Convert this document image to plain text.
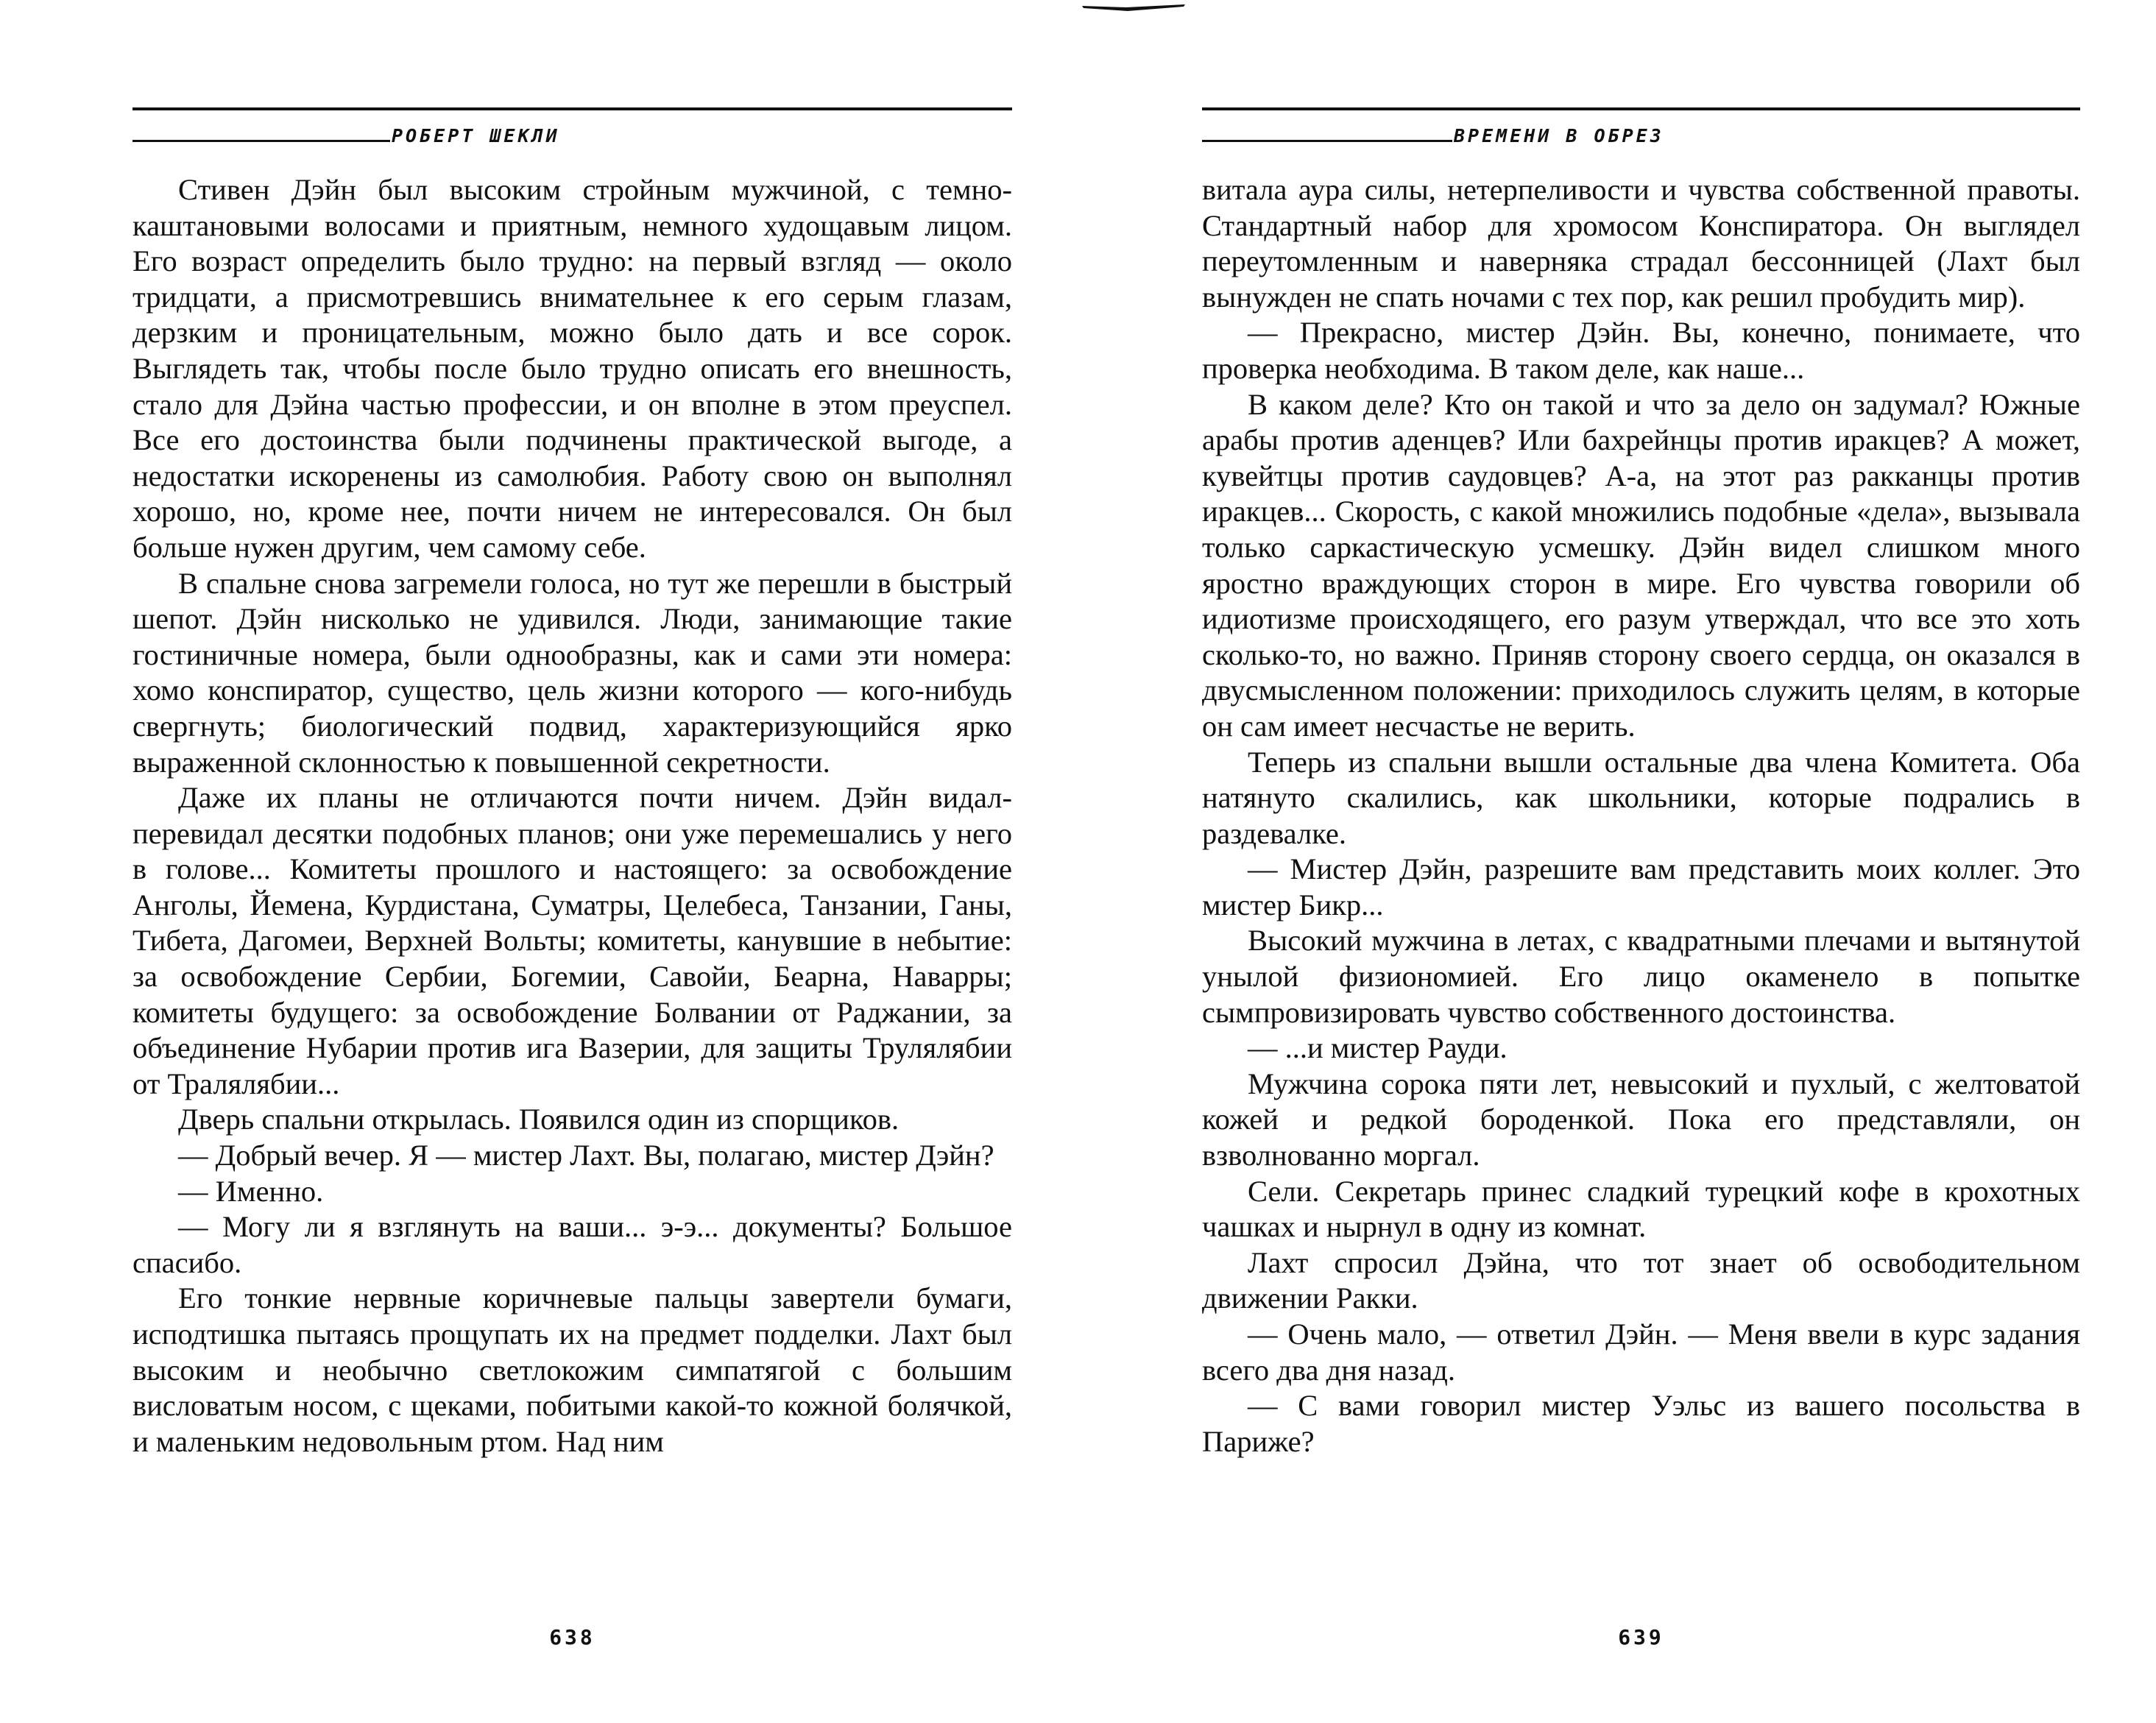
РОБЕРТ ШЕКЛИ

Стивен Дэйн был высоким стройным мужчиной, с темно-каштановыми волосами и приятным, немного худощавым лицом. Его возраст определить было трудно: на первый взгляд — около тридцати, а присмотревшись внимательнее к его серым глазам, дерзким и проницательным, можно было дать и все сорок. Выглядеть так, чтобы после было трудно описать его внешность, стало для Дэйна частью профессии, и он вполне в этом преуспел. Все его достоинства были подчинены практической выгоде, а недостатки искоренены из самолюбия. Работу свою он выполнял хорошо, но, кроме нее, почти ничем не интересовался. Он был больше нужен другим, чем самому себе.

В спальне снова загремели голоса, но тут же перешли в быстрый шепот. Дэйн нисколько не удивился. Люди, занимающие такие гостиничные номера, были однообразны, как и сами эти номера: хомо конспиратор, существо, цель жизни которого — кого-нибудь свергнуть; биологический подвид, характеризующийся ярко выраженной склонностью к повышенной секретности.

Даже их планы не отличаются почти ничем. Дэйн видал-перевидал десятки подобных планов; они уже перемешались у него в голове... Комитеты прошлого и настоящего: за освобождение Анголы, Йемена, Курдистана, Суматры, Целебеса, Танзании, Ганы, Тибета, Дагомеи, Верхней Вольты; комитеты, канувшие в небытие: за освобождение Сербии, Богемии, Савойи, Беарна, Наварры; комитеты будущего: за освобождение Болвании от Раджании, за объединение Нубарии против ига Вазерии, для защиты Трулялябии от Тралялябии...

Дверь спальни открылась. Появился один из спорщиков.

— Добрый вечер. Я — мистер Лахт. Вы, полагаю, мистер Дэйн?

— Именно.

— Могу ли я взглянуть на ваши... э-э... документы? Большое спасибо.

Его тонкие нервные коричневые пальцы завертели бумаги, исподтишка пытаясь прощупать их на предмет подделки. Лахт был высоким и необычно светлокожим симпатягой с большим висловатым носом, с щеками, побитыми какой-то кожной болячкой, и маленьким недовольным ртом. Над ним

638
ВРЕМЕНИ В ОБРЕЗ

витала аура силы, нетерпеливости и чувства собственной правоты. Стандартный набор для хромосом Конспиратора. Он выглядел переутомленным и наверняка страдал бессонницей (Лахт был вынужден не спать ночами с тех пор, как решил пробудить мир).

— Прекрасно, мистер Дэйн. Вы, конечно, понимаете, что проверка необходима. В таком деле, как наше...

В каком деле? Кто он такой и что за дело он задумал? Южные арабы против аденцев? Или бахрейнцы против иракцев? А может, кувейтцы против саудовцев? А-а, на этот раз ракканцы против иракцев... Скорость, с какой множились подобные «дела», вызывала только саркастическую усмешку. Дэйн видел слишком много яростно враждующих сторон в мире. Его чувства говорили об идиотизме происходящего, его разум утверждал, что все это хоть сколько-то, но важно. Приняв сторону своего сердца, он оказался в двусмысленном положении: приходилось служить целям, в которые он сам имеет несчастье не верить.

Теперь из спальни вышли остальные два члена Комитета. Оба натянуто скалились, как школьники, которые подрались в раздевалке.

— Мистер Дэйн, разрешите вам представить моих коллег. Это мистер Бикр...

Высокий мужчина в летах, с квадратными плечами и вытянутой унылой физиономией. Его лицо окаменело в попытке сымпровизировать чувство собственного достоинства.

— ...и мистер Рауди.

Мужчина сорока пяти лет, невысокий и пухлый, с желтоватой кожей и редкой бороденкой. Пока его представляли, он взволнованно моргал.

Сели. Секретарь принес сладкий турецкий кофе в крохотных чашках и нырнул в одну из комнат.

Лахт спросил Дэйна, что тот знает об освободительном движении Ракки.

— Очень мало, — ответил Дэйн. — Меня ввели в курс задания всего два дня назад.

— С вами говорил мистер Уэльс из вашего посольства в Париже?

639
